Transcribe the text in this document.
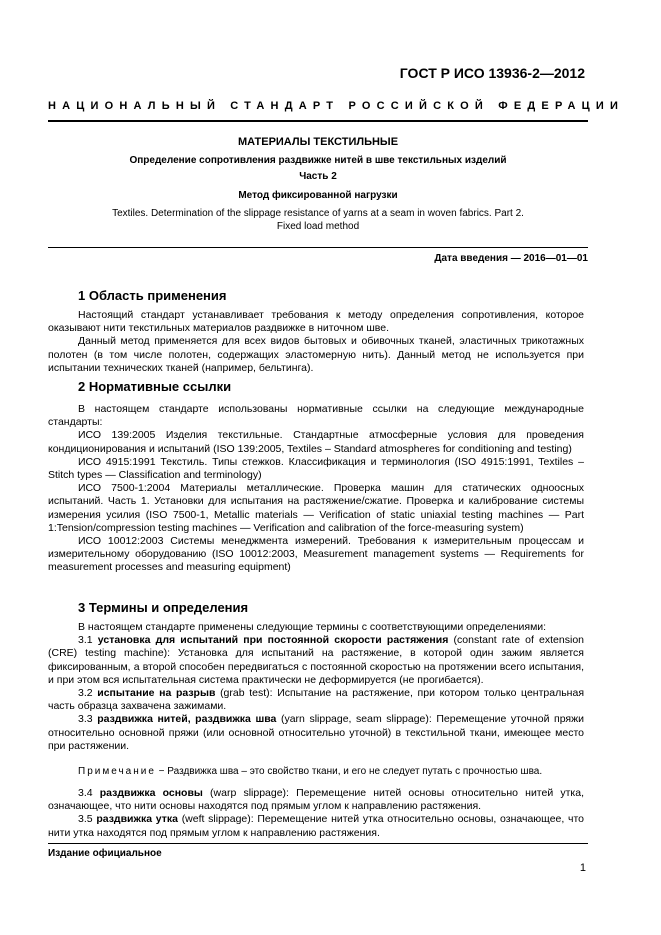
ГОСТ Р ИСО 13936-2—2012
НАЦИОНАЛЬНЫЙ СТАНДАРТ РОССИЙСКОЙ ФЕДЕРАЦИИ
МАТЕРИАЛЫ ТЕКСТИЛЬНЫЕ
Определение сопротивления раздвижке нитей в шве текстильных изделий
Часть 2
Метод фиксированной нагрузки
Textiles. Determination of the slippage resistance of yarns at a seam in woven fabrics. Part 2.
Fixed load method
Дата введения — 2016—01—01
1 Область применения

Настоящий стандарт устанавливает требования к методу определения сопротивления, которое оказывают нити текстильных материалов раздвижке в ниточном шве.

Данный метод применяется для всех видов бытовых и обивочных тканей, эластичных трикотажных полотен (в том числе полотен, содержащих эластомерную нить). Данный метод не используется при испытании технических тканей (например, бельтинга).

2 Нормативные ссылки

В настоящем стандарте использованы нормативные ссылки на следующие международные стандарты:

ИСО 139:2005 Изделия текстильные. Стандартные атмосферные условия для проведения кондиционирования и испытаний (ISO 139:2005, Textiles – Standard atmospheres for conditioning and testing)

ИСО 4915:1991 Текстиль. Типы стежков. Классификация и терминология (ISO 4915:1991, Textiles – Stitch types — Classification and terminology)

ИСО 7500-1:2004 Материалы металлические. Проверка машин для статических одноосных испытаний. Часть 1. Установки для испытания на растяжение/сжатие. Проверка и калибрование системы измерения усилия (ISO 7500-1, Metallic materials — Verification of static uniaxial testing machines — Part 1:Tension/compression testing machines — Verification and calibration of the force-measuring system)

ИСО 10012:2003 Системы менеджмента измерений. Требования к измерительным процессам и измерительному оборудованию (ISO 10012:2003, Measurement management systems — Requirements for measurement processes and measuring equipment)

3 Термины и определения

В настоящем стандарте применены следующие термины с соответствующими определениями:

3.1 установка для испытаний при постоянной скорости растяжения (constant rate of extension (CRE) testing machine): Установка для испытаний на растяжение, в которой один зажим является фиксированным, а второй способен передвигаться с постоянной скоростью на протяжении всего испытания, и при этом вся испытательная система практически не деформируется (не прогибается).

3.2 испытание на разрыв (grab test): Испытание на растяжение, при котором только центральная часть образца захвачена зажимами.

3.3 раздвижка нитей, раздвижка шва (yarn slippage, seam slippage): Перемещение уточной пряжи относительно основной пряжи (или основной относительно уточной) в текстильной ткани, имеющее место при растяжении.

Примечание − Раздвижка шва – это свойство ткани, и его не следует путать с прочностью шва.

3.4 раздвижка основы (warp slippage): Перемещение нитей основы относительно нитей утка, означающее, что нити основы находятся под прямым углом к направлению растяжения.

3.5 раздвижка утка (weft slippage): Перемещение нитей утка относительно основы, означающее, что нити утка находятся под прямым углом к направлению растяжения.

Издание официальное
1
